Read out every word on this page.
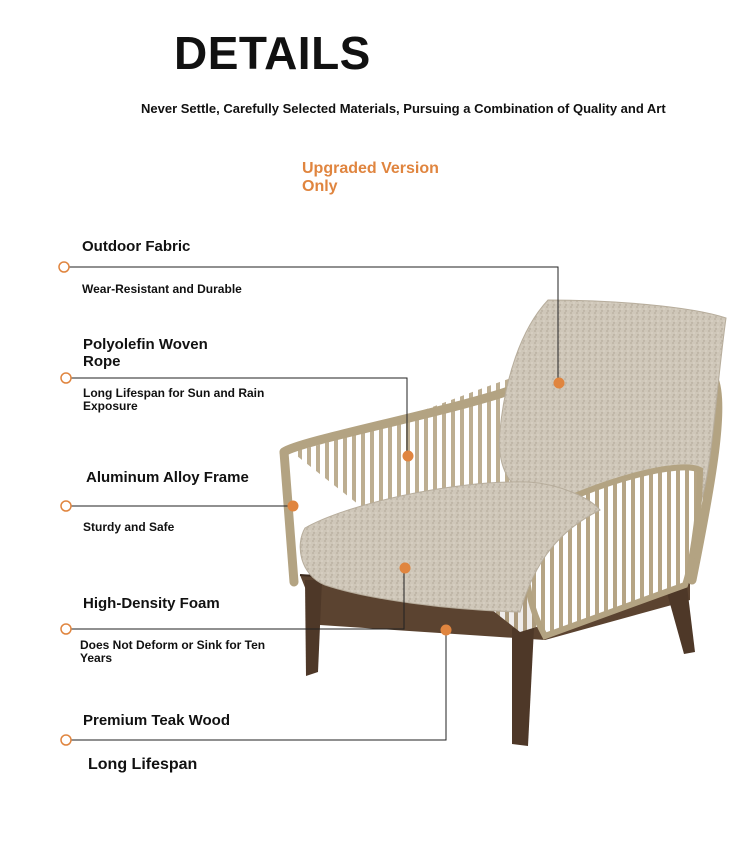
DETAILS

Never Settle, Carefully Selected Materials, Pursuing a Combination of Quality and Art

Upgraded Version Only
Outdoor Fabric
Wear-Resistant and Durable
Polyolefin Woven Rope
Long Lifespan for Sun and Rain Exposure
Aluminum Alloy Frame
Sturdy and Safe
High-Density Foam
Does Not Deform or Sink for Ten Years
Premium Teak Wood
Long Lifespan
